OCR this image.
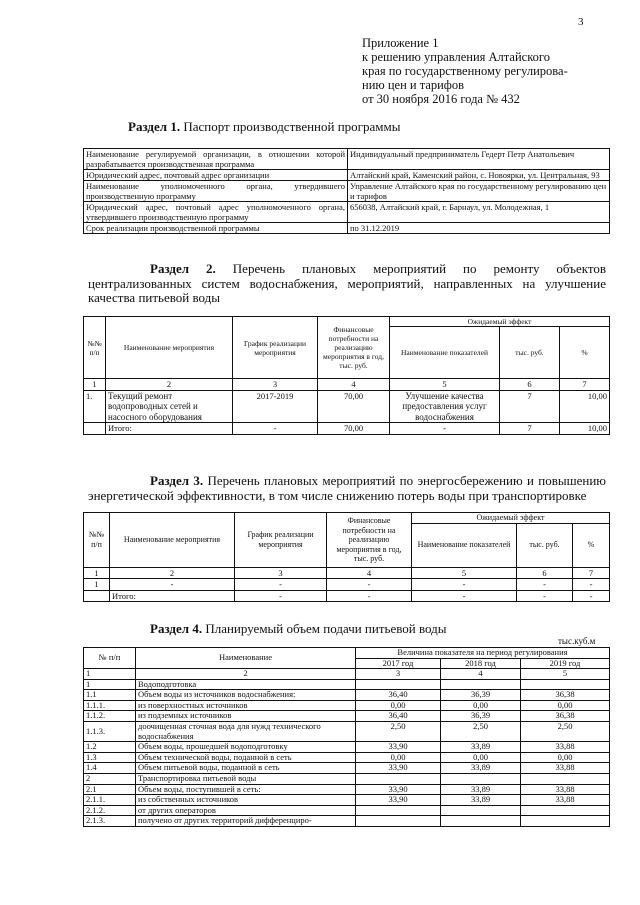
3
Приложение 1
к решению управления Алтайского
края по государственному регулирова-
нию цен и тарифов
от 30 ноября 2016 года № 432
Раздел 1. Паспорт производственной программы
Наименование регулируемой организации, в отношении которой разрабатывается производственная программа	Индивидуальный предприниматель Гедерт Петр Анатольевич
Юридический адрес, почтовый адрес организации	Алтайский край, Каменский район, с. Новоярки, ул. Центральная, 93
Наименование уполномоченного органа, утвердившего производственную программу	Управление Алтайского края по государственному регулированию цен и тарифов
Юридический адрес, почтовый адрес уполномоченного органа, утвердившего производственную программу	656038, Алтайский край, г. Барнаул, ул. Молодежная, 1
Срок реализации производственной программы	по 31.12.2019
Раздел 2. Перечень плановых мероприятий по ремонту объектов централизованных систем водоснабжения, мероприятий, направленных на улучшение качества питьевой воды
№№ п/п	Наименование мероприятия	График реализации мероприятия	Финансовые потребности на реализацию мероприятия в год, тыс. руб.	Ожидаемый эффект		
				Наименование показателей	тыс. руб.	%
1	2	3	4	5	6	7
1.	Текущий ремонт водопроводных сетей и насосного оборудования	2017-2019	70,00	Улучшение качества предоставления услуг водоснабжения	7	10,00
	Итого:	-	70,00	-	7	10,00
Раздел 3. Перечень плановых мероприятий по энергосбережению и повышению энергетической эффективности, в том числе снижению потерь воды при транспортировке
№№ п/п	Наименование мероприятия	График реализации мероприятия	Финансовые потребности на реализацию мероприятия в год, тыс. руб.	Ожидаемый эффект		
				Наименование показателей	тыс. руб.	%
1	2	3	4	5	6	7
1	-	-	-	-	-	-
	Итого:	-	-	-	-	-
Раздел 4. Планируемый объем подачи питьевой воды
тыс.куб.м
№ п/п	Наименование	Величина показателя на период регулирования		
		2017 год	2018 год	2019 год
1	2	3	4	5
1	Водоподготовка			
1.1	Объем воды из источников водоснабжения:	36,40	36,39	36,38
1.1.1.	из поверхностных источников	0,00	0,00	0,00
1.1.2.	из подземных источников	36,40	36,39	36,38
1.1.3.	доочищенная сточная вода для нужд технического водоснабжения	2,50	2,50	2,50
1.2	Объем воды, прошедшей водоподготовку	33,90	33,89	33,88
1.3	Объем технической воды, поданной в сеть	0,00	0,00	0,00
1.4	Объем питьевой воды, поданной в сеть	33,90	33,89	33,88
2	Транспортировка питьевой воды			
2.1	Объем воды, поступившей в сеть:	33,90	33,89	33,88
2.1.1.	из собственных источников	33,90	33,89	33,88
2.1.2.	от других операторов			
2.1.3.	получено от других территорий дифференциро-			
